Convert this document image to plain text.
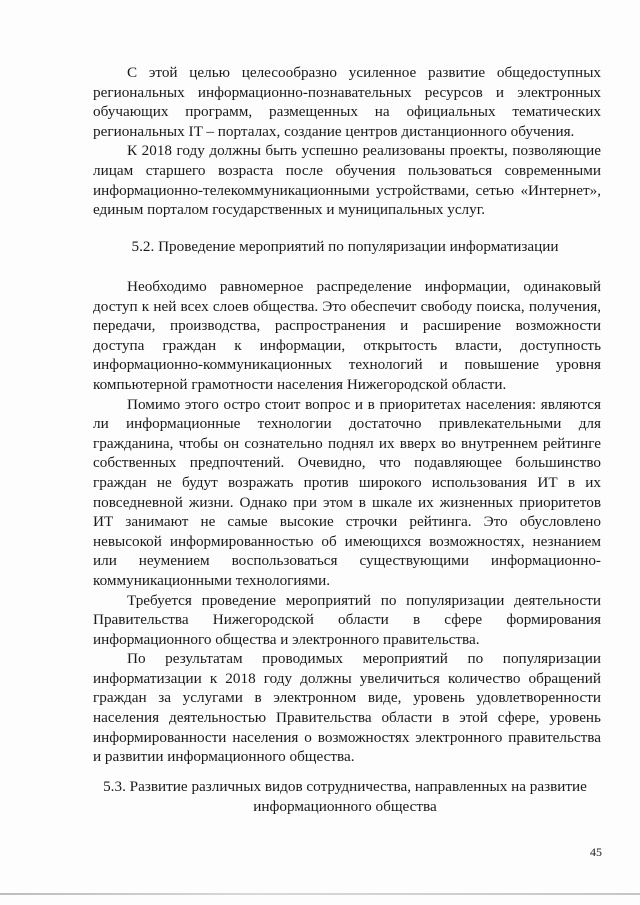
С этой целью целесообразно усиленное развитие общедоступных региональных информационно-познавательных ресурсов и электронных обучающих программ, размещенных на официальных тематических региональных IT – порталах, создание центров дистанционного обучения.

К 2018 году должны быть успешно реализованы проекты, позволяющие лицам старшего возраста после обучения пользоваться современными информационно-телекоммуникационными устройствами, сетью «Интернет», единым порталом государственных и муниципальных услуг.

5.2. Проведение мероприятий по популяризации информатизации

Необходимо равномерное распределение информации, одинаковый доступ к ней всех слоев общества. Это обеспечит свободу поиска, получения, передачи, производства, распространения и расширение возможности доступа граждан к информации, открытость власти, доступность информационно-коммуникационных технологий и повышение уровня компьютерной грамотности населения Нижегородской области.

Помимо этого остро стоит вопрос и в приоритетах населения: являются ли информационные технологии достаточно привлекательными для гражданина, чтобы он сознательно поднял их вверх во внутреннем рейтинге собственных предпочтений. Очевидно, что подавляющее большинство граждан не будут возражать против широкого использования ИТ в их повседневной жизни. Однако при этом в шкале их жизненных приоритетов ИТ занимают не самые высокие строчки рейтинга. Это обусловлено невысокой информированностью об имеющихся возможностях, незнанием или неумением воспользоваться существующими информационно-коммуникационными технологиями.

Требуется проведение мероприятий по популяризации деятельности Правительства Нижегородской области в сфере формирования информационного общества и электронного правительства.

По результатам проводимых мероприятий по популяризации информатизации к 2018 году должны увеличиться количество обращений граждан за услугами в электронном виде, уровень удовлетворенности населения деятельностью Правительства области в этой сфере, уровень информированности населения о возможностях электронного правительства и развитии информационного общества.

5.3. Развитие различных видов сотрудничества, направленных на развитие
информационного общества
45
